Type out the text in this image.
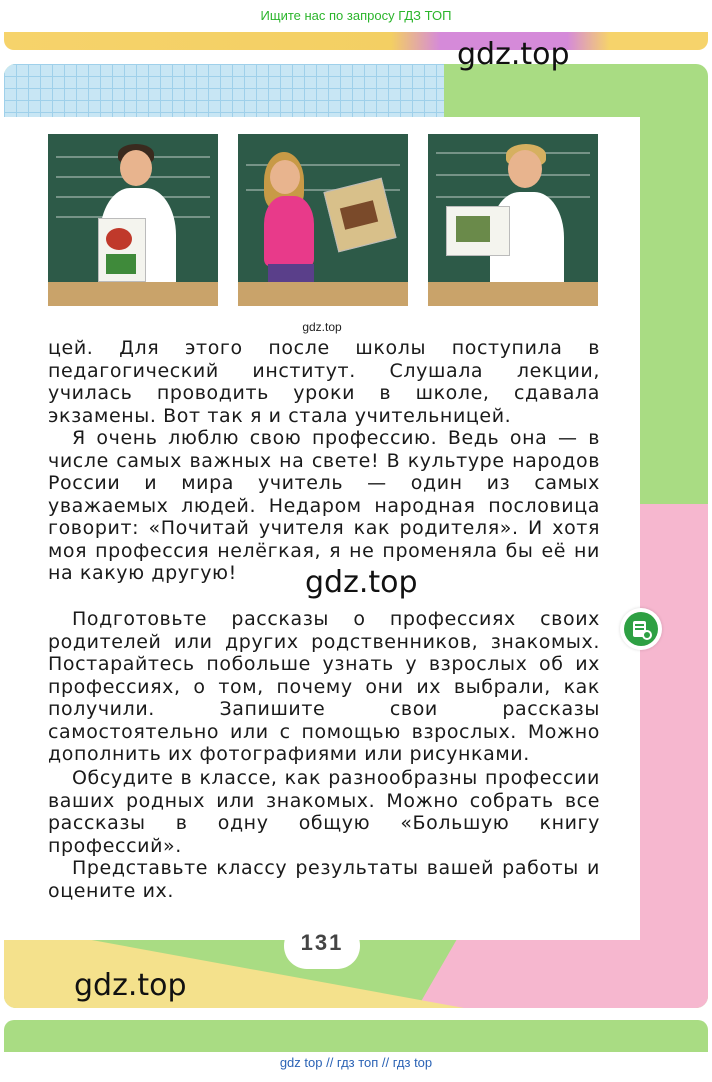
Ищите нас по запросу ГДЗ ТОП
gdz.top
gdz.top

цей. Для этого после школы поступила в педагогический институт. Слушала лекции, училась проводить уроки в школе, сдавала экзамены. Вот так я и стала учительницей.

Я очень люблю свою профессию. Ведь она — в числе самых важных на свете! В культуре народов России и мира учитель — один из самых уважаемых людей. Недаром народная пословица говорит: «Почитай учителя как родителя». И хотя моя профессия нелёгкая, я не променяла бы её ни на какую другую!

Подготовьте рассказы о профессиях своих родителей или других родственников, знакомых. Постарайтесь побольше узнать у взрослых об их профессиях, о том, почему они их выбрали, как получили. Запишите свои рассказы самостоятельно или с помощью взрослых. Можно дополнить их фотографиями или рисунками.

Обсудите в классе, как разнообразны профессии ваших родных или знакомых. Можно собрать все рассказы в одну общую «Большую книгу профессий».

Представьте классу результаты вашей работы и оцените их.

gdz.top
131
gdz.top
gdz top // гдз топ // гдз top
